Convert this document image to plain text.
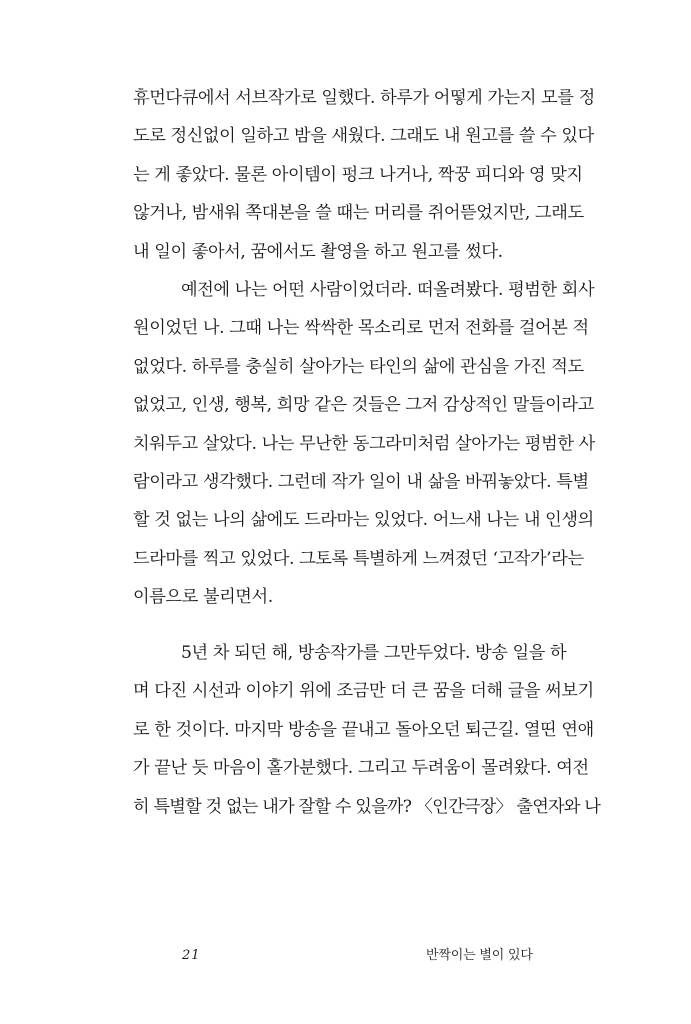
휴먼다큐에서 서브작가로 일했다. 하루가 어떻게 가는지 모를 정
도로 정신없이 일하고 밤을 새웠다. 그래도 내 원고를 쓸 수 있다
는 게 좋았다. 물론 아이템이 펑크 나거나, 짝꿍 피디와 영 맞지
않거나, 밤새워 쪽대본을 쓸 때는 머리를 쥐어뜯었지만, 그래도
내 일이 좋아서, 꿈에서도 촬영을 하고 원고를 썼다.
예전에 나는 어떤 사람이었더라. 떠올려봤다. 평범한 회사
원이었던 나. 그때 나는 싹싹한 목소리로 먼저 전화를 걸어본 적
없었다. 하루를 충실히 살아가는 타인의 삶에 관심을 가진 적도
없었고, 인생, 행복, 희망 같은 것들은 그저 감상적인 말들이라고
치워두고 살았다. 나는 무난한 동그라미처럼 살아가는 평범한 사
람이라고 생각했다. 그런데 작가 일이 내 삶을 바꿔놓았다. 특별
할 것 없는 나의 삶에도 드라마는 있었다. 어느새 나는 내 인생의
드라마를 찍고 있었다. 그토록 특별하게 느껴졌던 ‘고작가’라는
이름으로 불리면서.
5년 차 되던 해, 방송작가를 그만두었다. 방송 일을 하
며 다진 시선과 이야기 위에 조금만 더 큰 꿈을 더해 글을 써보기
로 한 것이다. 마지막 방송을 끝내고 돌아오던 퇴근길. 열띤 연애
가 끝난 듯 마음이 홀가분했다. 그리고 두려움이 몰려왔다. 여전
히 특별할 것 없는 내가 잘할 수 있을까? 〈인간극장〉 출연자와 나
21	반짝이는 별이 있다
